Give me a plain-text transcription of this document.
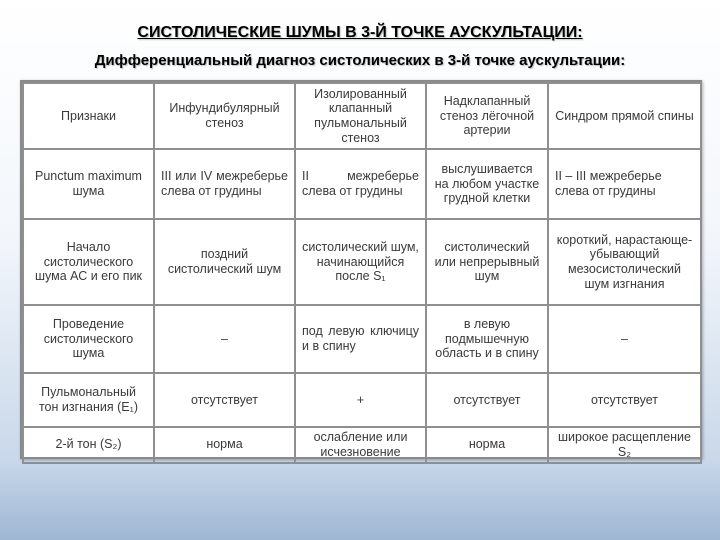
СИСТОЛИЧЕСКИЕ ШУМЫ В 3-Й ТОЧКЕ АУСКУЛЬТАЦИИ:
Дифференциальный диагноз систолических в 3-й точке аускультации:
Признаки	Инфундибулярный стеноз	Изолированный клапанный пульмональный стеноз	Надклапанный стеноз лёгочной артерии	Синдром прямой спины
Punctum maximum шума	III или IV межреберье слева от грудины	II межреберье слева от грудины	выслушивается на любом участке грудной клетки	II – III межреберье слева от грудины
Начало систолического шума АС и его пик	поздний систолический шум	систолический шум, начинающийся после S₁	систолический или непрерывный шум	короткий, нарастающе-убывающий мезосистолический шум изгнания
Проведение систолического шума	–	под левую ключицу и в спину	в левую подмышечную область и в спину	–
Пульмональный тон изгнания (E₁)	отсутствует	+	отсутствует	отсутствует
2-й тон (S₂)	норма	ослабление или исчезновение	норма	широкое расщепление S₂
